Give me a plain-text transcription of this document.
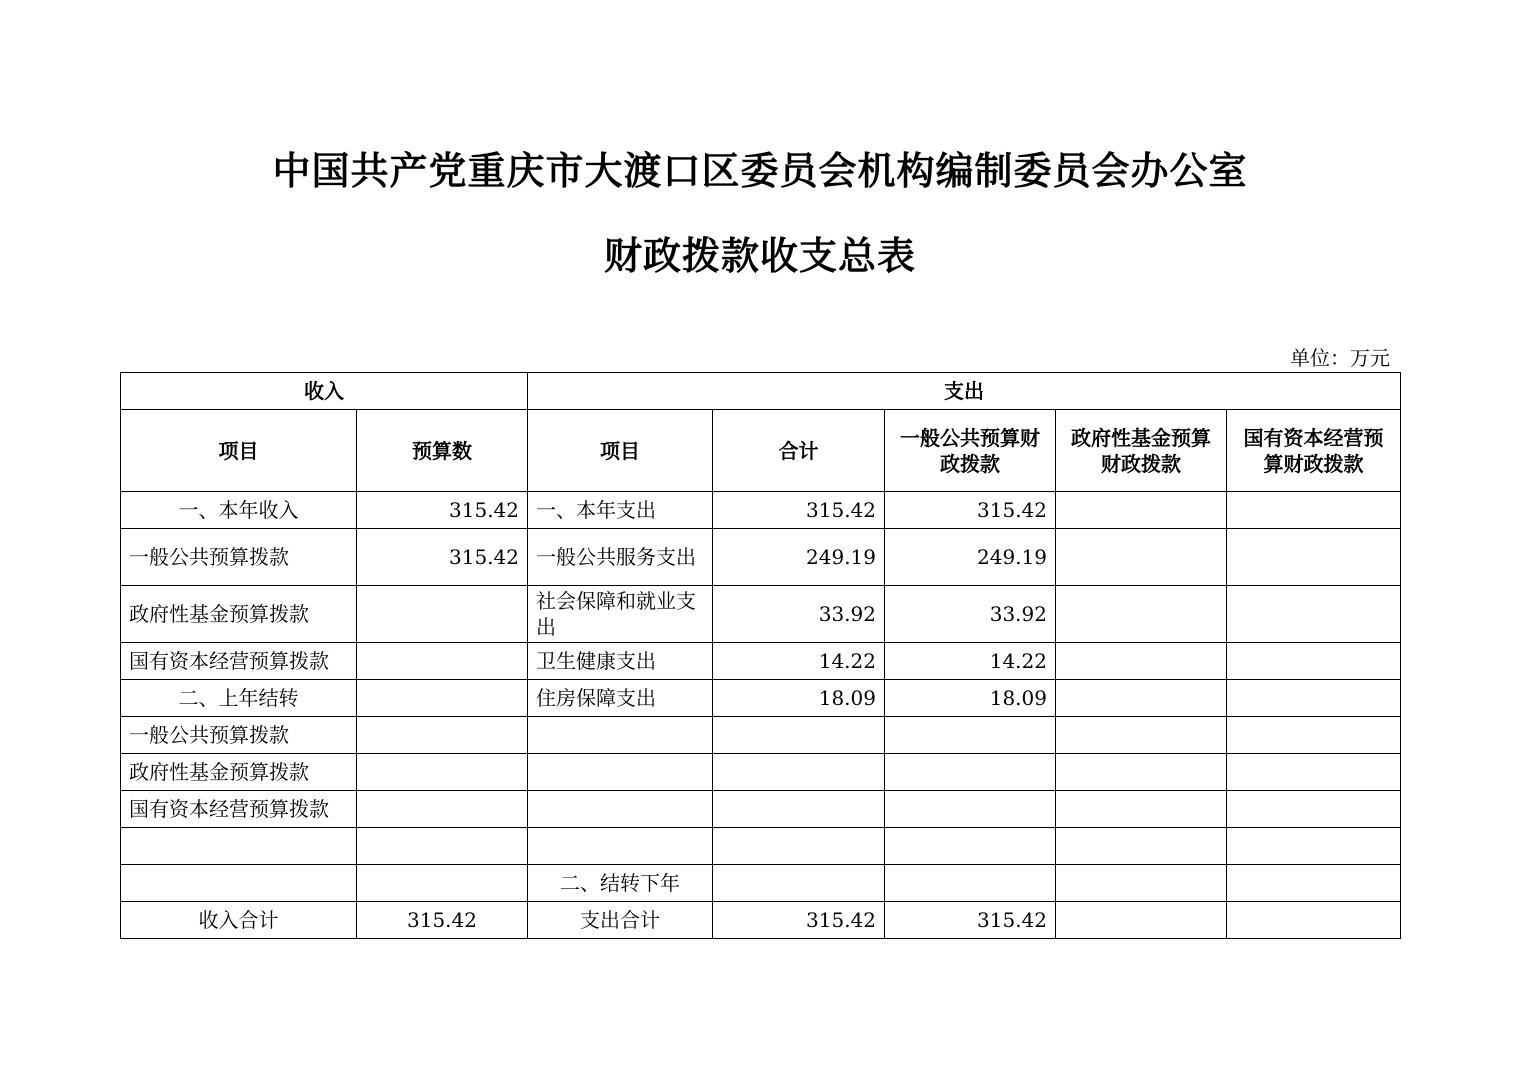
中国共产党重庆市大渡口区委员会机构编制委员会办公室
财政拨款收支总表
单位：万元
收入		支出				
项目	预算数	项目	合计	一般公共预算财政拨款	政府性基金预算财政拨款	国有资本经营预算财政拨款
一、本年收入	315.42	一、本年支出	315.42	315.42		
一般公共预算拨款	315.42	一般公共服务支出	249.19	249.19		
政府性基金预算拨款		社会保障和就业支出	33.92	33.92		
国有资本经营预算拨款		卫生健康支出	14.22	14.22		
二、上年结转		住房保障支出	18.09	18.09		
一般公共预算拨款						
政府性基金预算拨款						
国有资本经营预算拨款						

		二、结转下年				
收入合计	315.42	支出合计	315.42	315.42		
